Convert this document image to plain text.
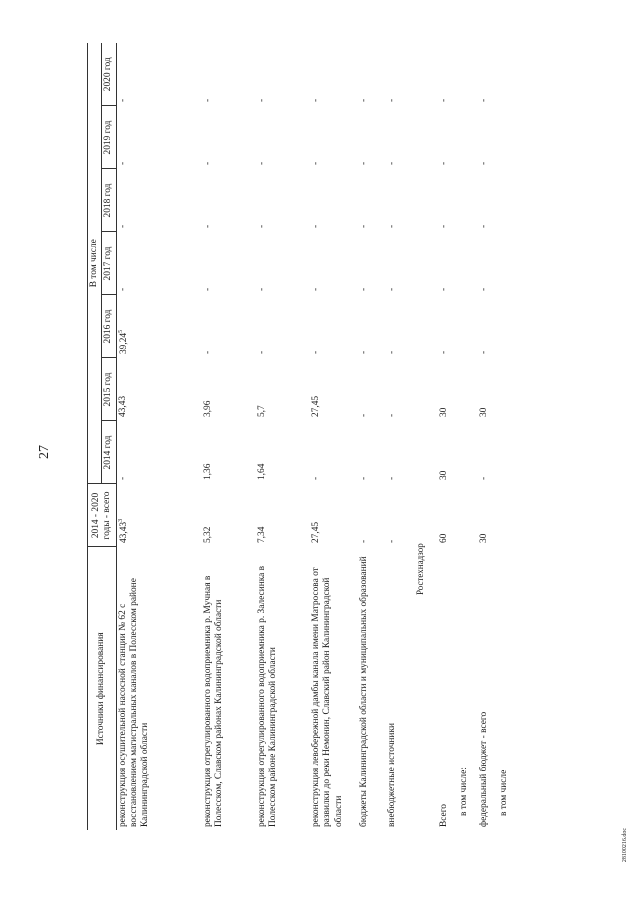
27
28100216.doc
Источники финансирования	2014 - 2020 годы - всего	В том числе						
		2014 год	2015 год	2016 год	2017 год	2018 год	2019 год	2020 год
реконструкция осушительной насосной станции № 62 с восстановлением магистральных каналов в Полесском районе Калининградской области	43,43$^3$	-	43,43	39,24$^5$	-	-	-	-
реконструкция отрегулированного водоприемника р. Мучная в Полесском, Славском районах Калининградской области	5,32	1,36	3,96	-	-	-	-	-
реконструкция отрегулированного водоприемника р. Залесинка в Полесском районе Калининградской области	7,34	1,64	5,7	-	-	-	-	-
реконструкция левобережной дамбы канала имени Матросова от развилки до реки Немонин, Славский район Калининградской области	27,45	-	27,45	-	-	-	-	-
бюджеты Калининградской области и муниципальных образований	-	-	-	-	-	-	-	-
внебюджетные источники	-	-	-	-	-	-	-	-
Ростехнадзор								
Всего	60	30	30	-	-	-	-	-
в том числе:								
федеральный бюджет - всего	30	-	30	-	-	-	-	-
в том числе								
